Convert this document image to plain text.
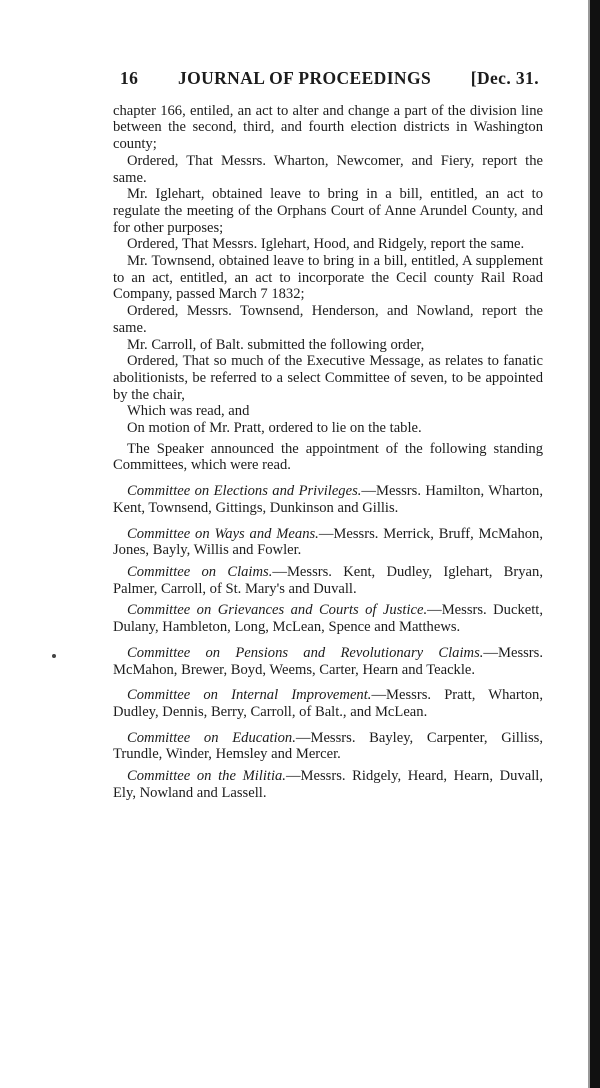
16 JOURNAL OF PROCEEDINGS [Dec. 31.

chapter 166, entiled, an act to alter and change a part of the division line between the second, third, and fourth election districts in Washington county;

Ordered, That Messrs. Wharton, Newcomer, and Fiery, report the same.

Mr. Iglehart, obtained leave to bring in a bill, entitled, an act to regulate the meeting of the Orphans Court of Anne Arundel County, and for other purposes;

Ordered, That Messrs. Iglehart, Hood, and Ridgely, report the same.

Mr. Townsend, obtained leave to bring in a bill, entitled, A supplement to an act, entitled, an act to incorporate the Cecil county Rail Road Company, passed March 7 1832;

Ordered, Messrs. Townsend, Henderson, and Nowland, report the same.

Mr. Carroll, of Balt. submitted the following order,

Ordered, That so much of the Executive Message, as relates to fanatic abolitionists, be referred to a select Committee of seven, to be appointed by the chair,

Which was read, and

On motion of Mr. Pratt, ordered to lie on the table.

The Speaker announced the appointment of the following standing Committees, which were read.

Committee on Elections and Privileges.—Messrs. Hamilton, Wharton, Kent, Townsend, Gittings, Dunkinson and Gillis.

Committee on Ways and Means.—Messrs. Merrick, Bruff, McMahon, Jones, Bayly, Willis and Fowler.

Committee on Claims.—Messrs. Kent, Dudley, Iglehart, Bryan, Palmer, Carroll, of St. Mary's and Duvall.

Committee on Grievances and Courts of Justice.—Messrs. Duckett, Dulany, Hambleton, Long, McLean, Spence and Matthews.

Committee on Pensions and Revolutionary Claims.—Messrs. McMahon, Brewer, Boyd, Weems, Carter, Hearn and Teackle.

Committee on Internal Improvement.—Messrs. Pratt, Wharton, Dudley, Dennis, Berry, Carroll, of Balt., and McLean.

Committee on Education.—Messrs. Bayley, Carpenter, Gilliss, Trundle, Winder, Hemsley and Mercer.

Committee on the Militia.—Messrs. Ridgely, Heard, Hearn, Duvall, Ely, Nowland and Lassell.
